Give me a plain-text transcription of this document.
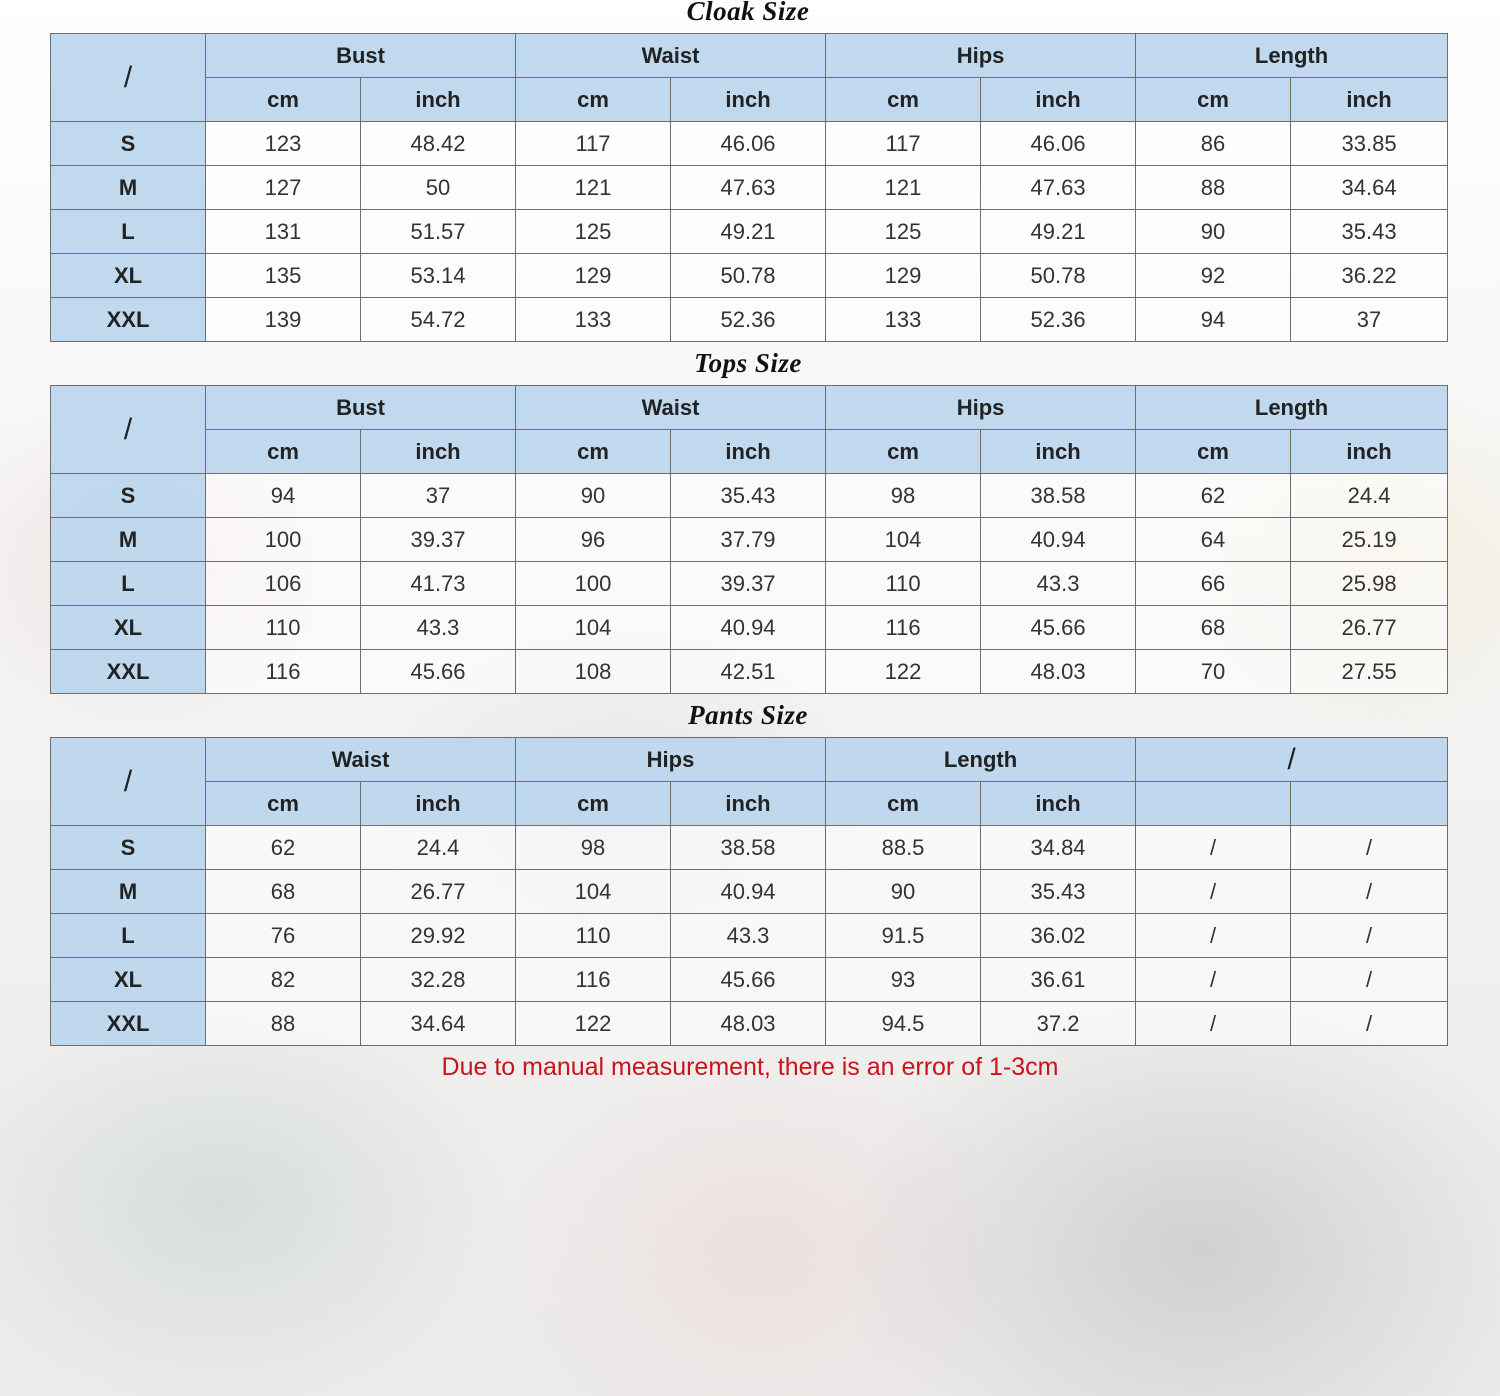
Cloak Size
/	Bust		Waist		Hips		Length	
	cm	inch	cm	inch	cm	inch	cm	inch
S	123	48.42	117	46.06	117	46.06	86	33.85
M	127	50	121	47.63	121	47.63	88	34.64
L	131	51.57	125	49.21	125	49.21	90	35.43
XL	135	53.14	129	50.78	129	50.78	92	36.22
XXL	139	54.72	133	52.36	133	52.36	94	37
Tops Size
/	Bust		Waist		Hips		Length	
	cm	inch	cm	inch	cm	inch	cm	inch
S	94	37	90	35.43	98	38.58	62	24.4
M	100	39.37	96	37.79	104	40.94	64	25.19
L	106	41.73	100	39.37	110	43.3	66	25.98
XL	110	43.3	104	40.94	116	45.66	68	26.77
XXL	116	45.66	108	42.51	122	48.03	70	27.55
Pants Size
/	Waist		Hips		Length		/	
	cm	inch	cm	inch	cm	inch		
S	62	24.4	98	38.58	88.5	34.84	/	/
M	68	26.77	104	40.94	90	35.43	/	/
L	76	29.92	110	43.3	91.5	36.02	/	/
XL	82	32.28	116	45.66	93	36.61	/	/
XXL	88	34.64	122	48.03	94.5	37.2	/	/
Due to manual measurement, there is an error of 1-3cm
